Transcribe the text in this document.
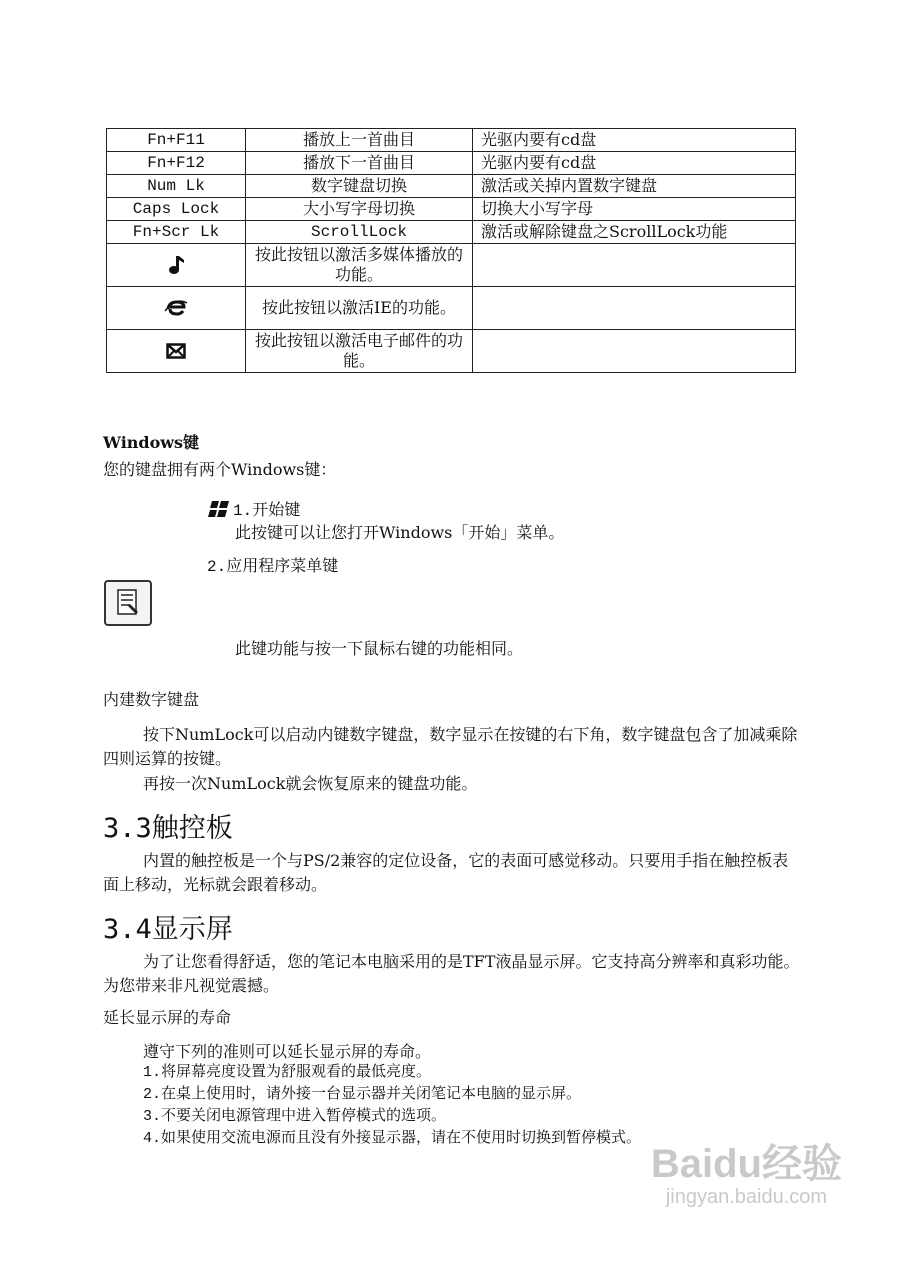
Fn+F11	播放上一首曲目	光驱内要有cd盘
Fn+F12	播放下一首曲目	光驱内要有cd盘
Num Lk	数字键盘切换	激活或关掉内置数字键盘
Caps Lock	大小写字母切换	切换大小写字母
Fn+Scr Lk	ScrollLock	激活或解除键盘之ScrollLock功能
	按此按钮以激活多媒体播放的功能。	
	按此按钮以激活IE的功能。	
	按此按钮以激活电子邮件的功能。	
Windows键
您的键盘拥有两个Windows键：
1.开始键
此按键可以让您打开Windows「开始」菜单。
2.应用程序菜单键
此键功能与按一下鼠标右键的功能相同。
内建数字键盘
按下NumLock可以启动内键数字键盘，数字显示在按键的右下角，数字键盘包含了加减乘除四则运算的按键。
再按一次NumLock就会恢复原来的键盘功能。
3.3触控板
内置的触控板是一个与PS/2兼容的定位设备，它的表面可感觉移动。只要用手指在触控板表面上移动，光标就会跟着移动。
3.4显示屏
为了让您看得舒适，您的笔记本电脑采用的是TFT液晶显示屏。它支持高分辨率和真彩功能。为您带来非凡视觉震撼。
延长显示屏的寿命
遵守下列的准则可以延长显示屏的寿命。
1.将屏幕亮度设置为舒服观看的最低亮度。
2.在桌上使用时，请外接一台显示器并关闭笔记本电脑的显示屏。
3.不要关闭电源管理中进入暂停模式的选项。
4.如果使用交流电源而且没有外接显示器，请在不使用时切换到暂停模式。
Baidu经验
jingyan.baidu.com
